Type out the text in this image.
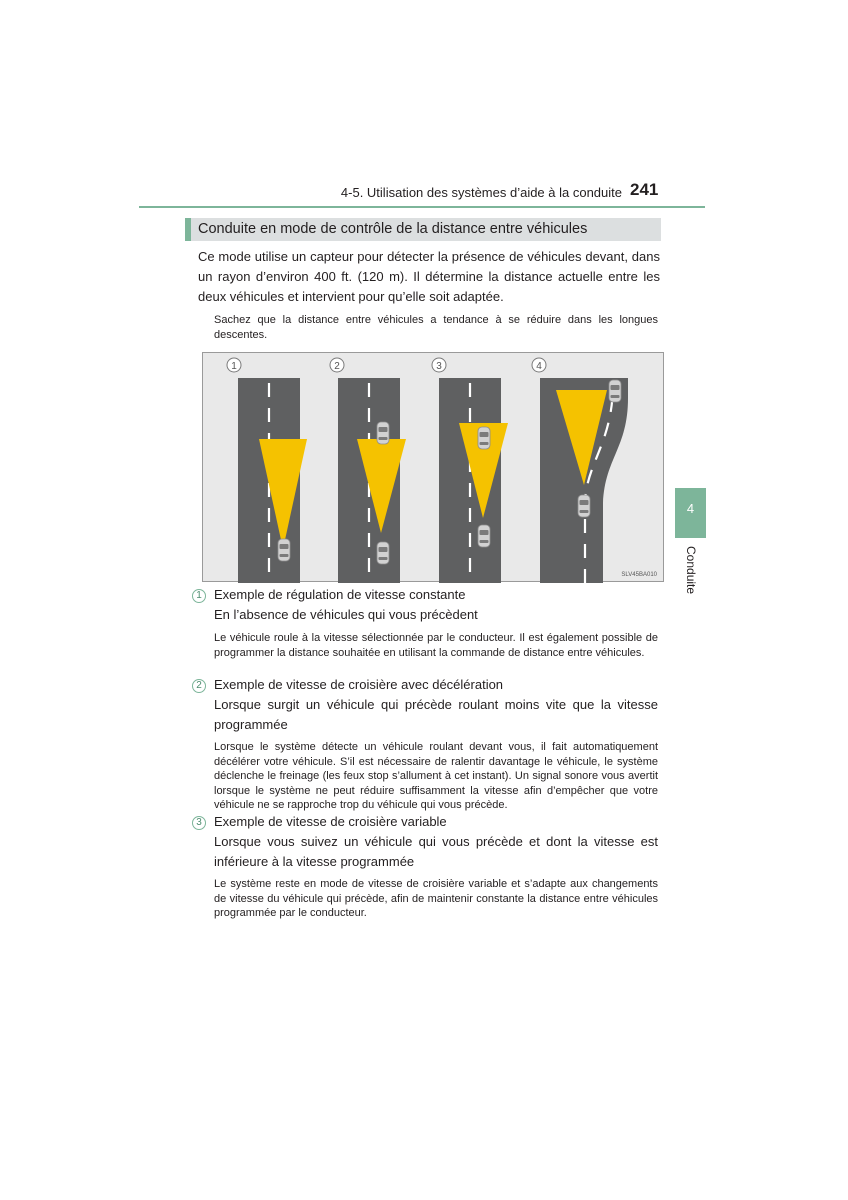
4-5. Utilisation des systèmes d’aide à la conduite 241
Conduite en mode de contrôle de la distance entre véhicules

Ce mode utilise un capteur pour détecter la présence de véhicules devant, dans un rayon d’environ 400 ft. (120 m). Il détermine la distance actuelle entre les deux véhicules et intervient pour qu’elle soit adaptée.

Sachez que la distance entre véhicules a tendance à se réduire dans les longues descentes.

1	2	3	4
SLV45BA010
1 Exemple de régulation de vitesse constante
En l’absence de véhicules qui vous précèdent

Le véhicule roule à la vitesse sélectionnée par le conducteur. Il est également possible de programmer la distance souhaitée en utilisant la commande de distance entre véhicules.

2 Exemple de vitesse de croisière avec décélération

Lorsque surgit un véhicule qui précède roulant moins vite que la vitesse programmée

Lorsque le système détecte un véhicule roulant devant vous, il fait automatiquement décélérer votre véhicule. S’il est nécessaire de ralentir davantage le véhicule, le système déclenche le freinage (les feux stop s’allument à cet instant). Un signal sonore vous avertit lorsque le système ne peut réduire suffisamment la vitesse afin d’empêcher que votre véhicule ne se rapproche trop du véhicule qui vous précède.

3 Exemple de vitesse de croisière variable

Lorsque vous suivez un véhicule qui vous précède et dont la vitesse est inférieure à la vitesse programmée

Le système reste en mode de vitesse de croisière variable et s’adapte aux changements de vitesse du véhicule qui précède, afin de maintenir constante la distance entre véhicules programmée par le conducteur.

4
Conduite
